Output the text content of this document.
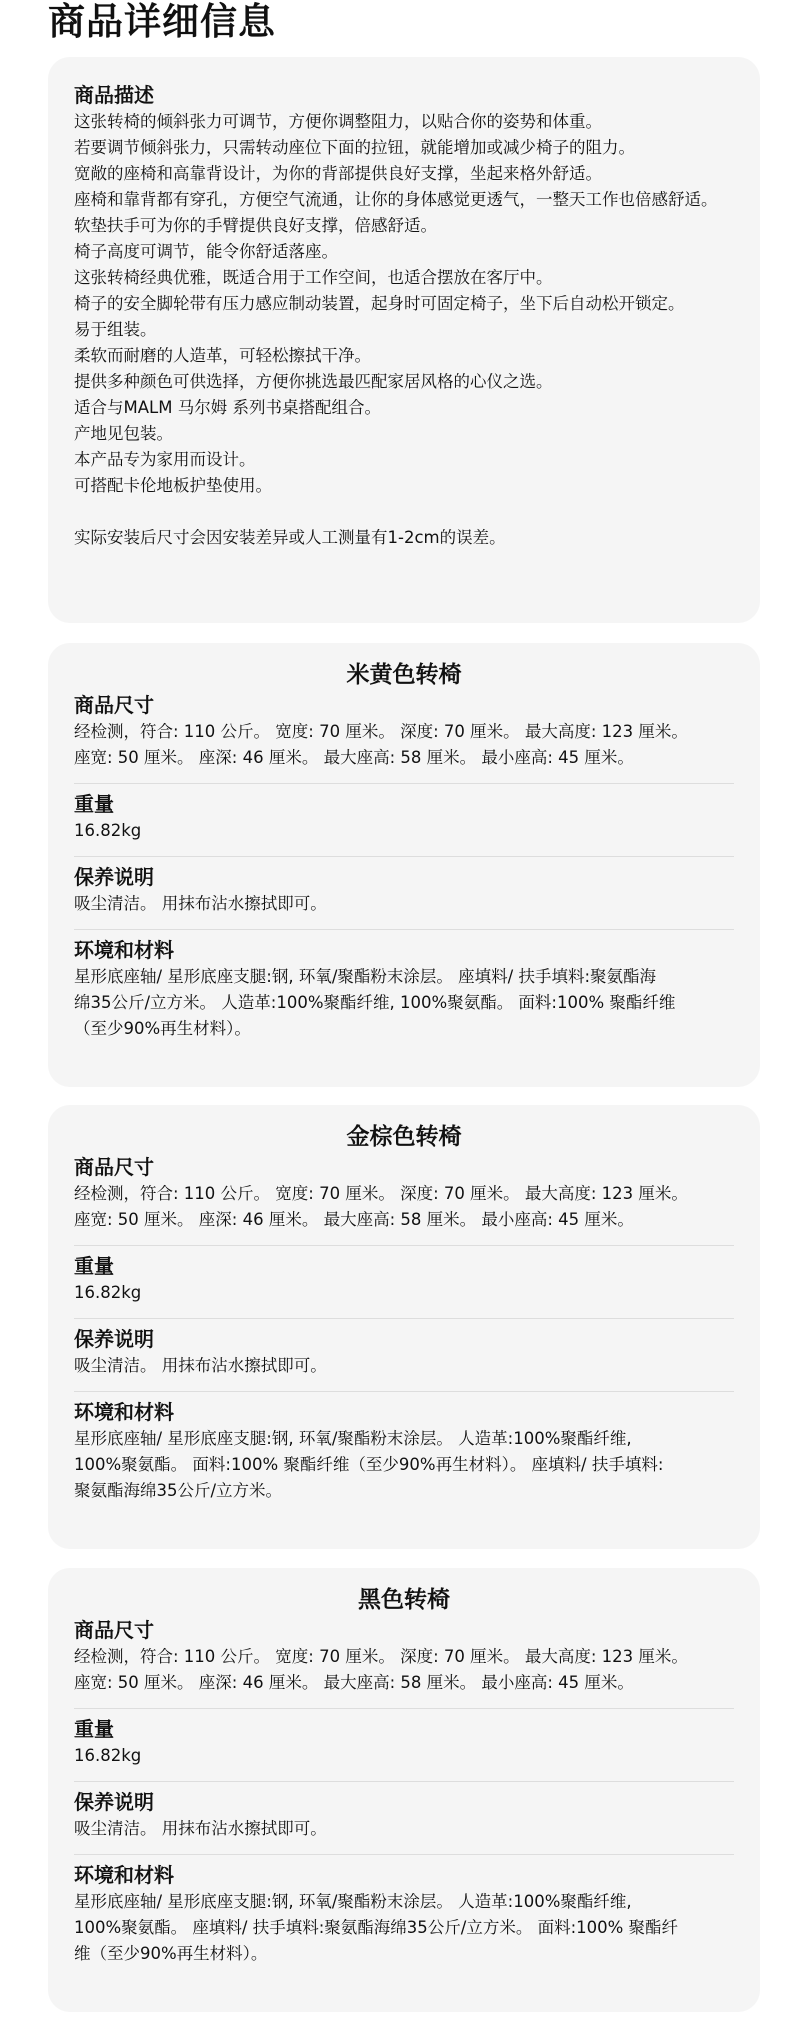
商品详细信息
商品描述
这张转椅的倾斜张力可调节，方便你调整阻力，以贴合你的姿势和体重。
若要调节倾斜张力，只需转动座位下面的拉钮，就能增加或减少椅子的阻力。
宽敞的座椅和高靠背设计，为你的背部提供良好支撑，坐起来格外舒适。
座椅和靠背都有穿孔，方便空气流通，让你的身体感觉更透气，一整天工作也倍感舒适。
软垫扶手可为你的手臂提供良好支撑，倍感舒适。
椅子高度可调节，能令你舒适落座。
这张转椅经典优雅，既适合用于工作空间，也适合摆放在客厅中。
椅子的安全脚轮带有压力感应制动装置，起身时可固定椅子，坐下后自动松开锁定。
易于组装。
柔软而耐磨的人造革，可轻松擦拭干净。
提供多种颜色可供选择，方便你挑选最匹配家居风格的心仪之选。
适合与MALM 马尔姆 系列书桌搭配组合。
产地见包装。
本产品专为家用而设计。
可搭配卡伦地板护垫使用。
实际安装后尺寸会因安装差异或人工测量有1-2cm的误差。
米黄色转椅
商品尺寸
经检测，符合: 110 公斤。 宽度: 70 厘米。 深度: 70 厘米。 最大高度: 123 厘米。
座宽: 50 厘米。 座深: 46 厘米。 最大座高: 58 厘米。 最小座高: 45 厘米。
重量
16.82kg
保养说明
吸尘清洁。 用抹布沾水擦拭即可。
环境和材料
星形底座轴/ 星形底座支腿:钢, 环氧/聚酯粉末涂层。 座填料/ 扶手填料:聚氨酯海
绵35公斤/立方米。 人造革:100%聚酯纤维, 100%聚氨酯。 面料:100% 聚酯纤维
（至少90%再生材料）。
金棕色转椅
商品尺寸
经检测，符合: 110 公斤。 宽度: 70 厘米。 深度: 70 厘米。 最大高度: 123 厘米。
座宽: 50 厘米。 座深: 46 厘米。 最大座高: 58 厘米。 最小座高: 45 厘米。
重量
16.82kg
保养说明
吸尘清洁。 用抹布沾水擦拭即可。
环境和材料
星形底座轴/ 星形底座支腿:钢, 环氧/聚酯粉末涂层。 人造革:100%聚酯纤维,
100%聚氨酯。 面料:100% 聚酯纤维（至少90%再生材料）。 座填料/ 扶手填料:
聚氨酯海绵35公斤/立方米。
黑色转椅
商品尺寸
经检测，符合: 110 公斤。 宽度: 70 厘米。 深度: 70 厘米。 最大高度: 123 厘米。
座宽: 50 厘米。 座深: 46 厘米。 最大座高: 58 厘米。 最小座高: 45 厘米。
重量
16.82kg
保养说明
吸尘清洁。 用抹布沾水擦拭即可。
环境和材料
星形底座轴/ 星形底座支腿:钢, 环氧/聚酯粉末涂层。 人造革:100%聚酯纤维,
100%聚氨酯。 座填料/ 扶手填料:聚氨酯海绵35公斤/立方米。 面料:100% 聚酯纤
维（至少90%再生材料）。
